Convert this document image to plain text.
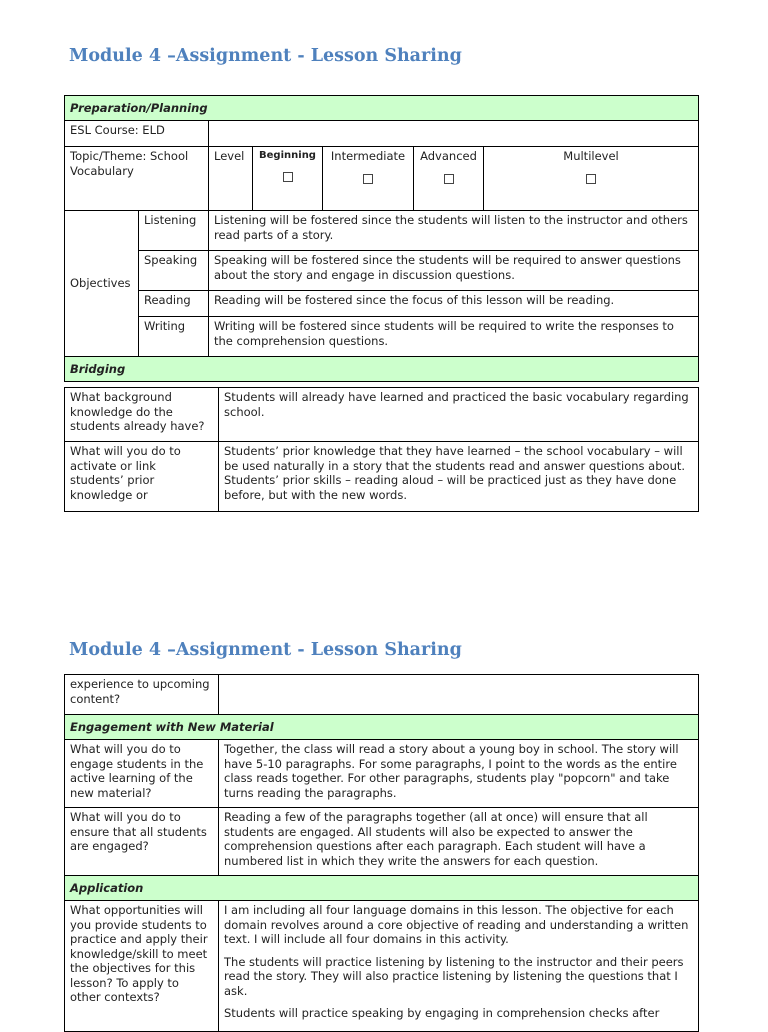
Module 4 –Assignment - Lesson Sharing
Preparation/Planning						
ESL Course: ELD						
Topic/Theme: School Vocabulary		Level	Beginning	Intermediate	Advanced	Multilevel

Objectives	Listening	Listening will be fostered since the students will listen to the instructor and others read parts of a story.				
	Speaking	Speaking will be fostered since the students will be required to answer questions about the story and engage in discussion questions.				
	Reading	Reading will be fostered since the focus of this lesson will be reading.				
	Writing	Writing will be fostered since students will be required to write the responses to the comprehension questions.				
Bridging						
What background knowledge do the students already have?	Students will already have learned and practiced the basic vocabulary regarding school.
What will you do to activate or link students’ prior knowledge or	Students’ prior knowledge that they have learned – the school vocabulary – will be used naturally in a story that the students read and answer questions about. Students’ prior skills – reading aloud – will be practiced just as they have done before, but with the new words.
Module 4 –Assignment - Lesson Sharing
experience to upcoming content?	
Engagement with New Material	
What will you do to engage students in the active learning of the new material?	Together, the class will read a story about a young boy in school. The story will have 5-10 paragraphs. For some paragraphs, I point to the words as the entire class reads together. For other paragraphs, students play "popcorn" and take turns reading the paragraphs.
What will you do to ensure that all students are engaged?	Reading a few of the paragraphs together (all at once) will ensure that all students are engaged. All students will also be expected to answer the comprehension questions after each paragraph. Each student will have a numbered list in which they write the answers for each question.
Application	
What opportunities will you provide students to practice and apply their knowledge/skill to meet the objectives for this lesson? To apply to other contexts?	I am including all four language domains in this lesson. The objective for each domain revolves around a core objective of reading and understanding a written text. I will include all four domains in this activity.

The students will practice listening by listening to the instructor and their peers read the story. They will also practice listening by listening the questions that I ask.

Students will practice speaking by engaging in comprehension checks after
